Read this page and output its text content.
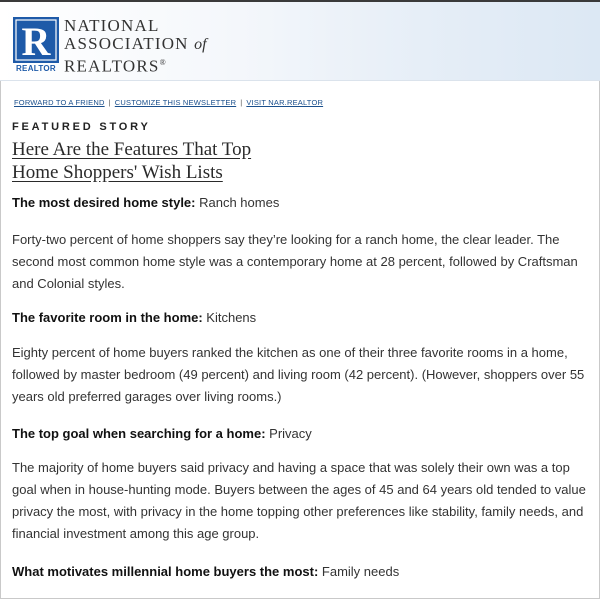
R
REALTOR
NATIONAL
ASSOCIATION of
REALTORS®
FORWARD TO A FRIEND | CUSTOMIZE THIS NEWSLETTER | VISIT NAR.REALTOR
FEATURED STORY
Here Are the Features That Top
Home Shoppers' Wish Lists

The most desired home style: Ranch homes

Forty-two percent of home shoppers say they’re looking for a ranch home, the clear leader. The second most common home style was a contemporary home at 28 percent, followed by Craftsman and Colonial styles.

The favorite room in the home: Kitchens

Eighty percent of home buyers ranked the kitchen as one of their three favorite rooms in a home, followed by master bedroom (49 percent) and living room (42 percent). (However, shoppers over 55 years old preferred garages over living rooms.)

The top goal when searching for a home: Privacy

The majority of home buyers said privacy and having a space that was solely their own was a top goal when in house-hunting mode. Buyers between the ages of 45 and 64 years old tended to value privacy the most, with privacy in the home topping other preferences like stability, family needs, and financial investment among this age group.

What motivates millennial home buyers the most: Family needs
